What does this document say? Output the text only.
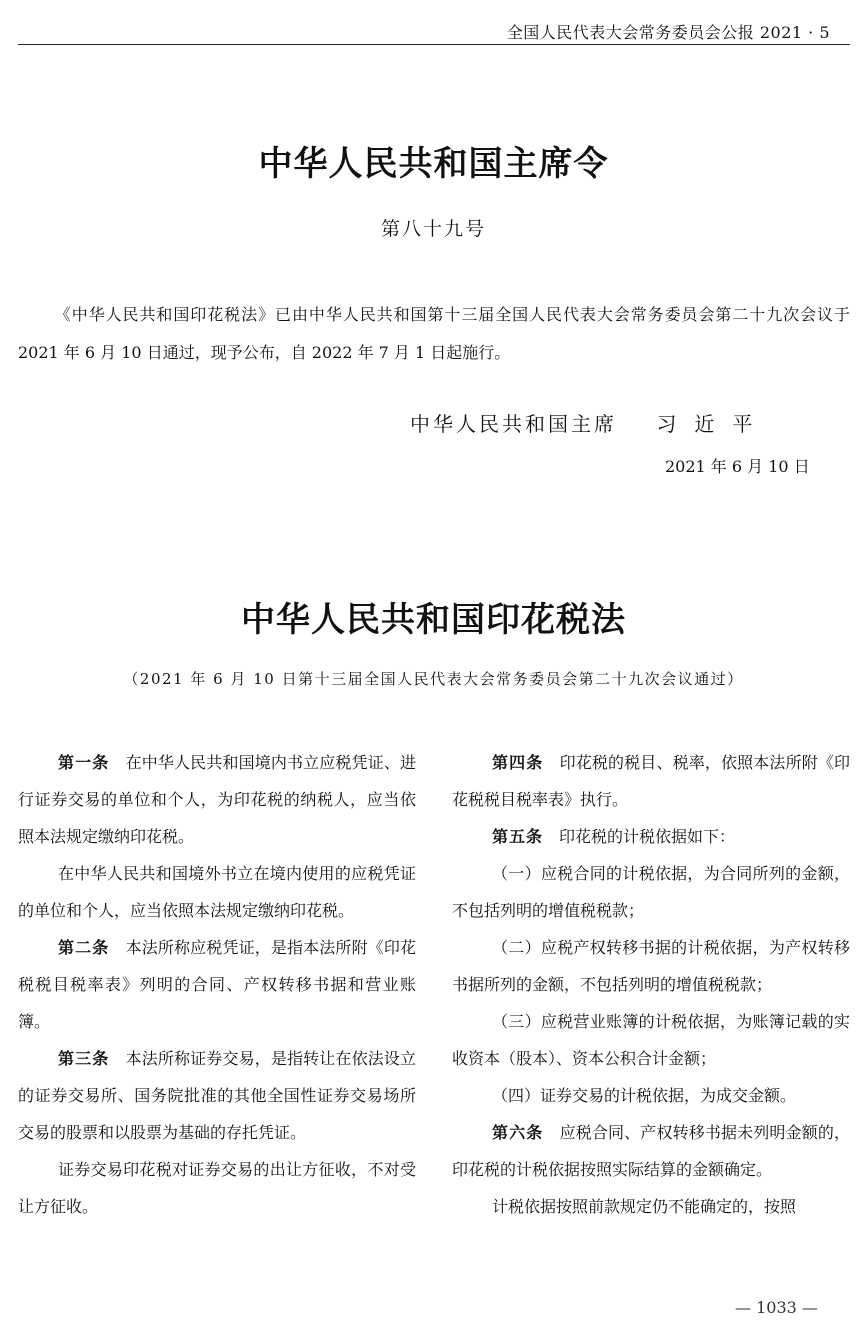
全国人民代表大会常务委员会公报 2021 · 5
中华人民共和国主席令
第八十九号
《中华人民共和国印花税法》已由中华人民共和国第十三届全国人民代表大会常务委员会第二十九次会议于 2021 年 6 月 10 日通过，现予公布，自 2022 年 7 月 1 日起施行。
中华人民共和国主席 习近平
2021 年 6 月 10 日
中华人民共和国印花税法
（2021 年 6 月 10 日第十三届全国人民代表大会常务委员会第二十九次会议通过）

第一条　 在中华人民共和国境内书立应税凭证、进行证券交易的单位和个人，为印花税的纳税人，应当依照本法规定缴纳印花税。

在中华人民共和国境外书立在境内使用的应税凭证的单位和个人，应当依照本法规定缴纳印花税。

第二条　 本法所称应税凭证，是指本法所附《印花税税目税率表》列明的合同、产权转移书据和营业账簿。

第三条　 本法所称证券交易，是指转让在依法设立的证券交易所、国务院批准的其他全国性证券交易场所交易的股票和以股票为基础的存托凭证。

证券交易印花税对证券交易的出让方征收，不对受让方征收。

第四条　 印花税的税目、税率，依照本法所附《印花税税目税率表》执行。

第五条　 印花税的计税依据如下：

（一）应税合同的计税依据，为合同所列的金额，不包括列明的增值税税款；

（二）应税产权转移书据的计税依据，为产权转移书据所列的金额，不包括列明的增值税税款；

（三）应税营业账簿的计税依据，为账簿记载的实收资本（股本）、资本公积合计金额；

（四）证券交易的计税依据，为成交金额。

第六条　 应税合同、产权转移书据未列明金额的，印花税的计税依据按照实际结算的金额确定。

计税依据按照前款规定仍不能确定的，按照

— 1033 —
